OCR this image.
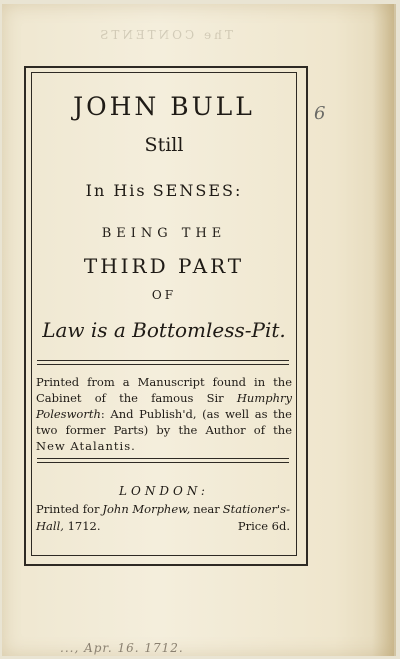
The CONTENTS
6
..., Apr. 16. 1712.
JOHN BULL
Still
In His SENSES:
BEING THE
THIRD PART
OF
Law is a Bottomless-Pit.
Printed from a Manuscript found in the Cabinet of the famous Sir Humphry Polesworth: And Publish'd, (as well as the two former Parts) by the Author of the New Atalantis.
LONDON:
Printed for John Morphew, near Stationer's-
Hall, 1712.	Price 6d.
